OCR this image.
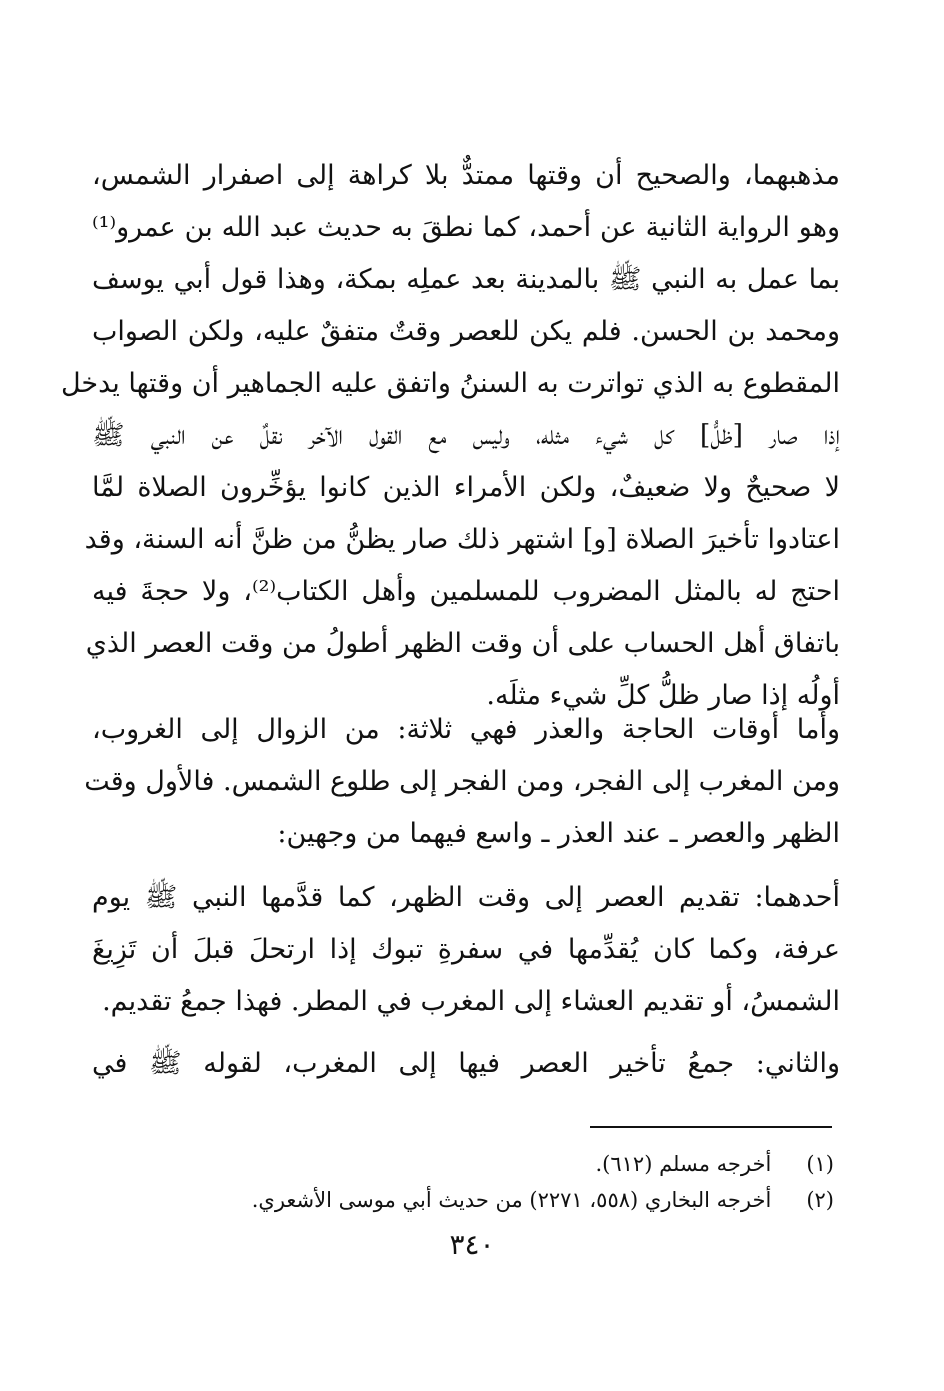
مذهبهما، والصحيح أن وقتها ممتدٌّ بلا كراهة إلى اصفرار الشمس،
وهو الرواية الثانية عن أحمد، كما نطقَ به حديث عبد الله بن عمرو⁽¹⁾
بما عمل به النبي ﷺ بالمدينة بعد عملِه بمكة، وهذا قول أبي يوسف
ومحمد بن الحسن. فلم يكن للعصر وقتٌ متفقٌ عليه، ولكن الصواب
المقطوع به الذي تواترت به السننُ واتفق عليه الجماهير أن وقتها يدخل
إذا صار [ظلُّ] كل شيء مثله، وليس مع القول الآخر نقلٌ عن النبي ﷺ
لا صحيحٌ ولا ضعيفٌ، ولكن الأمراء الذين كانوا يؤخِّرون الصلاة لمَّا
اعتادوا تأخيرَ الصلاة [و] اشتهر ذلك صار يظنُّ من ظنَّ أنه السنة، وقد
احتج له بالمثل المضروب للمسلمين وأهل الكتاب⁽²⁾، ولا حجةَ فيه
باتفاق أهل الحساب على أن وقت الظهر أطولُ من وقت العصر الذي
أولُه إذا صار ظلُّ كلِّ شيء مثلَه.
وأما أوقات الحاجة والعذر فهي ثلاثة: من الزوال إلى الغروب،
ومن المغرب إلى الفجر، ومن الفجر إلى طلوع الشمس. فالأول وقت
الظهر والعصر ـ عند العذر ـ واسع فيهما من وجهين:
أحدهما: تقديم العصر إلى وقت الظهر، كما قدَّمها النبي ﷺ يوم
عرفة، وكما كان يُقدِّمها في سفرةِ تبوك إذا ارتحلَ قبلَ أن تَزِيغَ
الشمسُ، أو تقديم العشاء إلى المغرب في المطر. فهذا جمعُ تقديم.
والثاني: جمعُ تأخير العصر فيها إلى المغرب، لقوله ﷺ في
(١) أخرجه مسلم (٦١٢).
(٢) أخرجه البخاري (٥٥٨، ٢٢٧١) من حديث أبي موسى الأشعري.
٣٤٠
